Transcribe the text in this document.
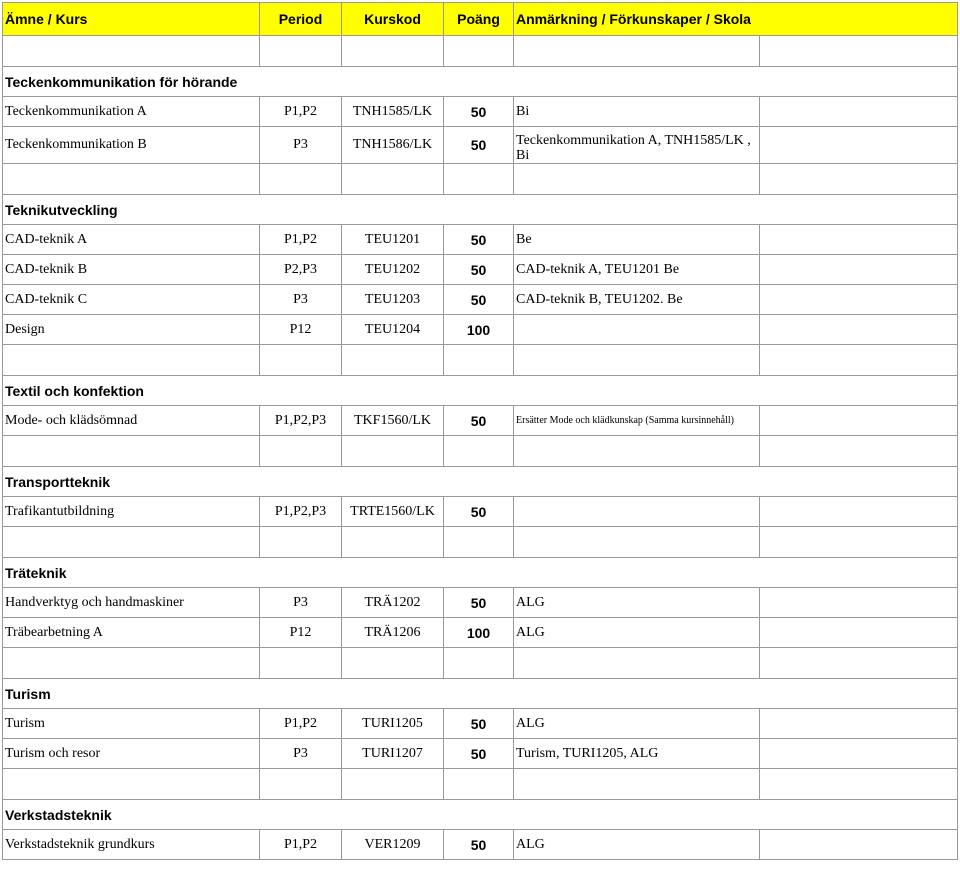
Ämne / Kurs	Period	Kurskod	Poäng	Anmärkning / Förkunskaper / Skola	

Teckenkommunikation för hörande					
Teckenkommunikation A	P1,P2	TNH1585/LK	50	Bi	
Teckenkommunikation B	P3	TNH1586/LK	50	Teckenkommunikation A, TNH1585/LK , Bi	

Teknikutveckling					
CAD-teknik A	P1,P2	TEU1201	50	Be	
CAD-teknik B	P2,P3	TEU1202	50	CAD-teknik A, TEU1201 Be	
CAD-teknik C	P3	TEU1203	50	CAD-teknik B, TEU1202. Be	
Design	P12	TEU1204	100		

Textil och konfektion					
Mode- och klädsömnad	P1,P2,P3	TKF1560/LK	50	Ersätter Mode och klädkunskap (Samma kursinnehåll)	

Transportteknik					
Trafikantutbildning	P1,P2,P3	TRTE1560/LK	50		

Träteknik					
Handverktyg och handmaskiner	P3	TRÄ1202	50	ALG	
Träbearbetning A	P12	TRÄ1206	100	ALG	

Turism					
Turism	P1,P2	TURI1205	50	ALG	
Turism och resor	P3	TURI1207	50	Turism, TURI1205, ALG	

Verkstadsteknik					
Verkstadsteknik grundkurs	P1,P2	VER1209	50	ALG	
